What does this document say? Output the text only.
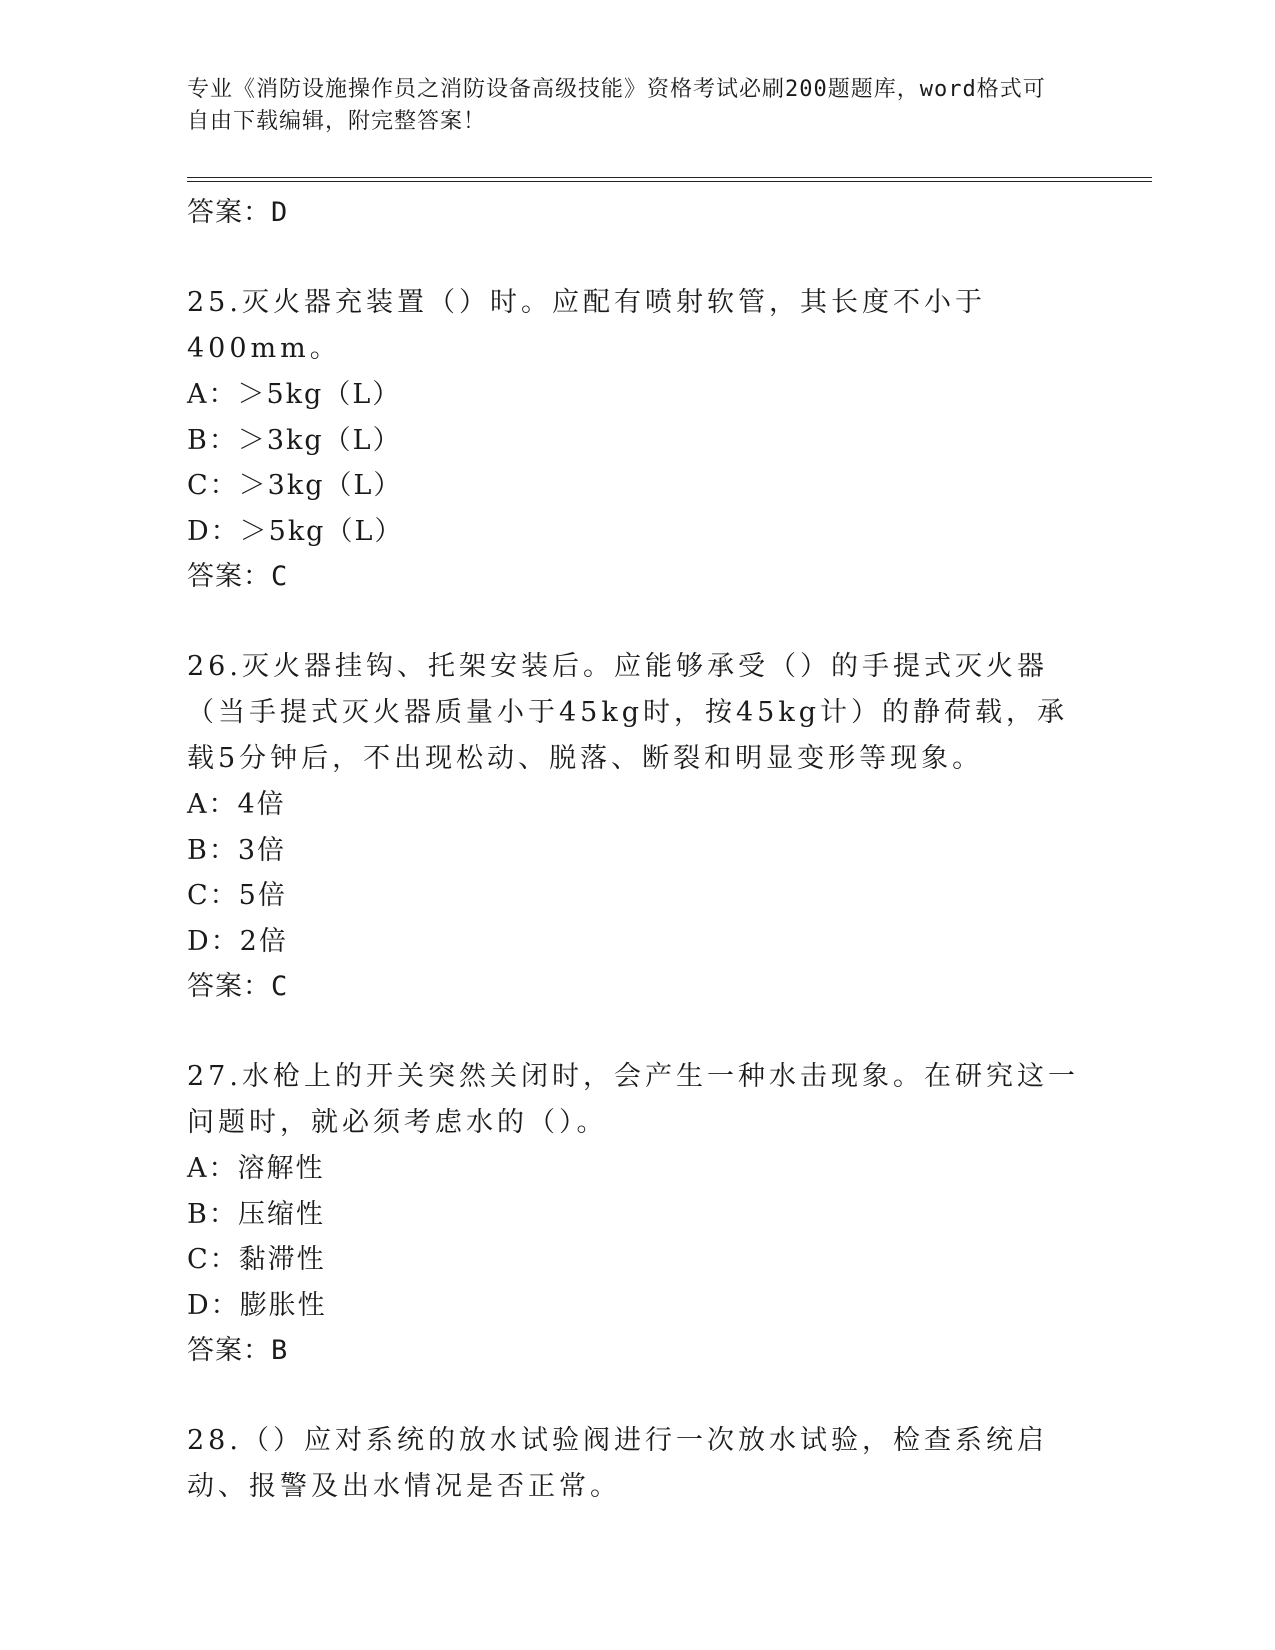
专业《消防设施操作员之消防设备高级技能》资格考试必刷200题题库，word格式可自由下载编辑，附完整答案！
答案：D
25.灭火器充装置（）时。应配有喷射软管，其长度不小于400mm。
A：＞5kg（L）
B：＞3kg（L）
C：＞3kg（L）
D：＞5kg（L）
答案：C
26.灭火器挂钩、托架安装后。应能够承受（）的手提式灭火器（当手提式灭火器质量小于45kg时，按45kg计）的静荷载，承载5分钟后，不出现松动、脱落、断裂和明显变形等现象。
A：4倍
B：3倍
C：5倍
D：2倍
答案：C
27.水枪上的开关突然关闭时，会产生一种水击现象。在研究这一问题时，就必须考虑水的（）。
A：溶解性
B：压缩性
C：黏滞性
D：膨胀性
答案：B
28.（）应对系统的放水试验阀进行一次放水试验，检查系统启动、报警及出水情况是否正常。
